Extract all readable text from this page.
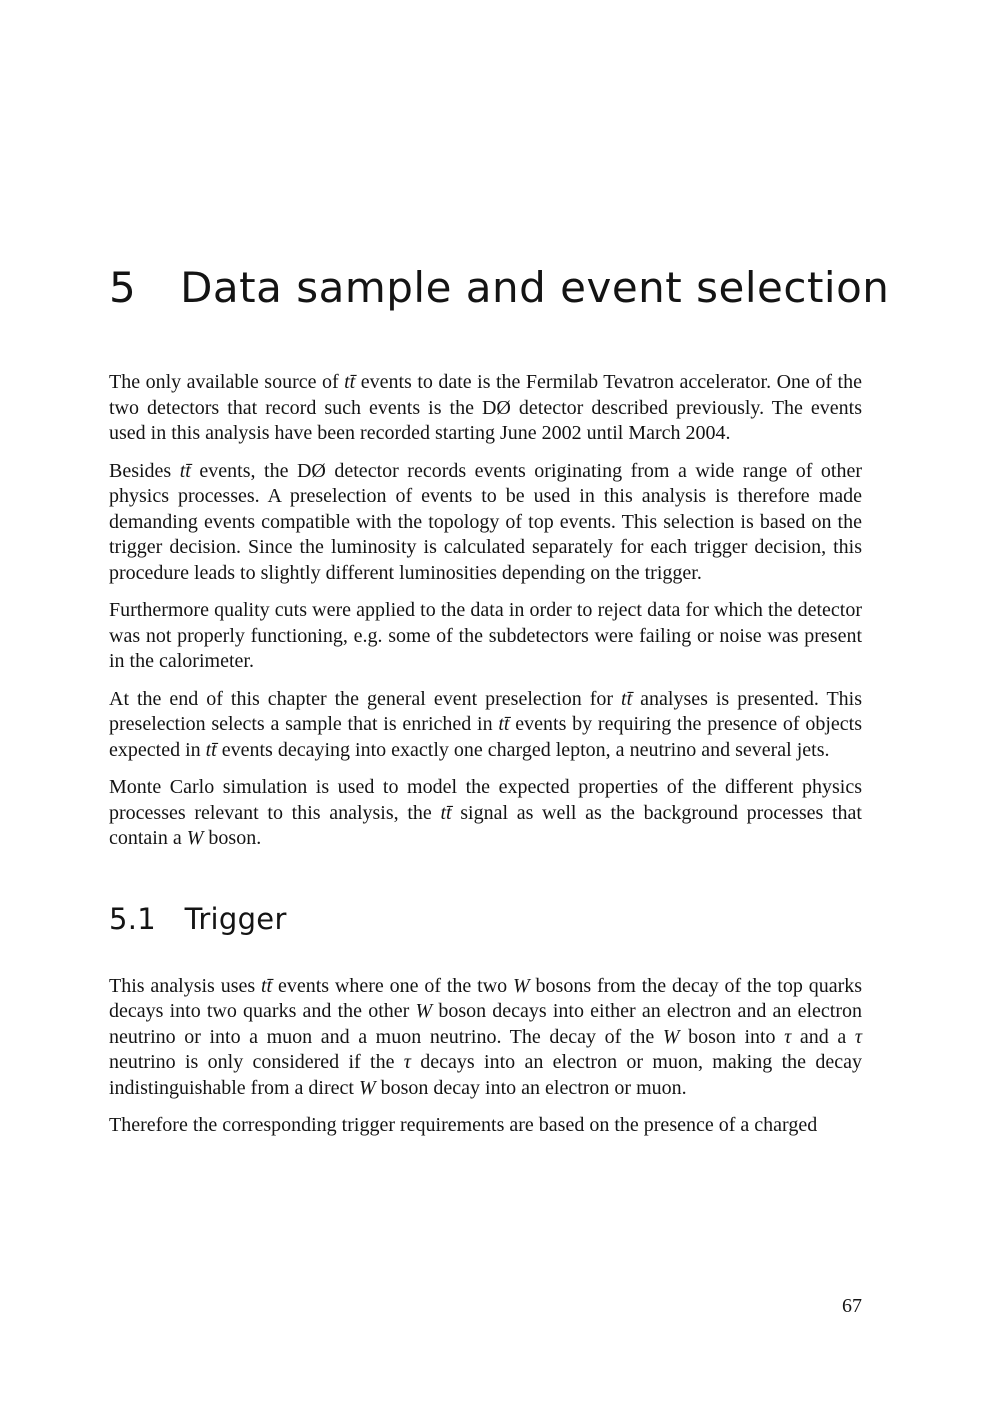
5 Data sample and event selection

The only available source of tt̄ events to date is the Fermilab Tevatron accelerator. One of the two detectors that record such events is the DØ detector described previously. The events used in this analysis have been recorded starting June 2002 until March 2004.

Besides tt̄ events, the DØ detector records events originating from a wide range of other physics processes. A preselection of events to be used in this analysis is therefore made demanding events compatible with the topology of top events. This selection is based on the trigger decision. Since the luminosity is calculated separately for each trigger decision, this procedure leads to slightly different luminosities depending on the trigger.

Furthermore quality cuts were applied to the data in order to reject data for which the detector was not properly functioning, e.g. some of the subdetectors were failing or noise was present in the calorimeter.

At the end of this chapter the general event preselection for tt̄ analyses is presented. This preselection selects a sample that is enriched in tt̄ events by requiring the presence of objects expected in tt̄ events decaying into exactly one charged lepton, a neutrino and several jets.

Monte Carlo simulation is used to model the expected properties of the different physics processes relevant to this analysis, the tt̄ signal as well as the background processes that contain a W boson.

5.1 Trigger

This analysis uses tt̄ events where one of the two W bosons from the decay of the top quarks decays into two quarks and the other W boson decays into either an electron and an electron neutrino or into a muon and a muon neutrino. The decay of the W boson into τ and a τ neutrino is only considered if the τ decays into an electron or muon, making the decay indistinguishable from a direct W boson decay into an electron or muon.

Therefore the corresponding trigger requirements are based on the presence of a charged

67
